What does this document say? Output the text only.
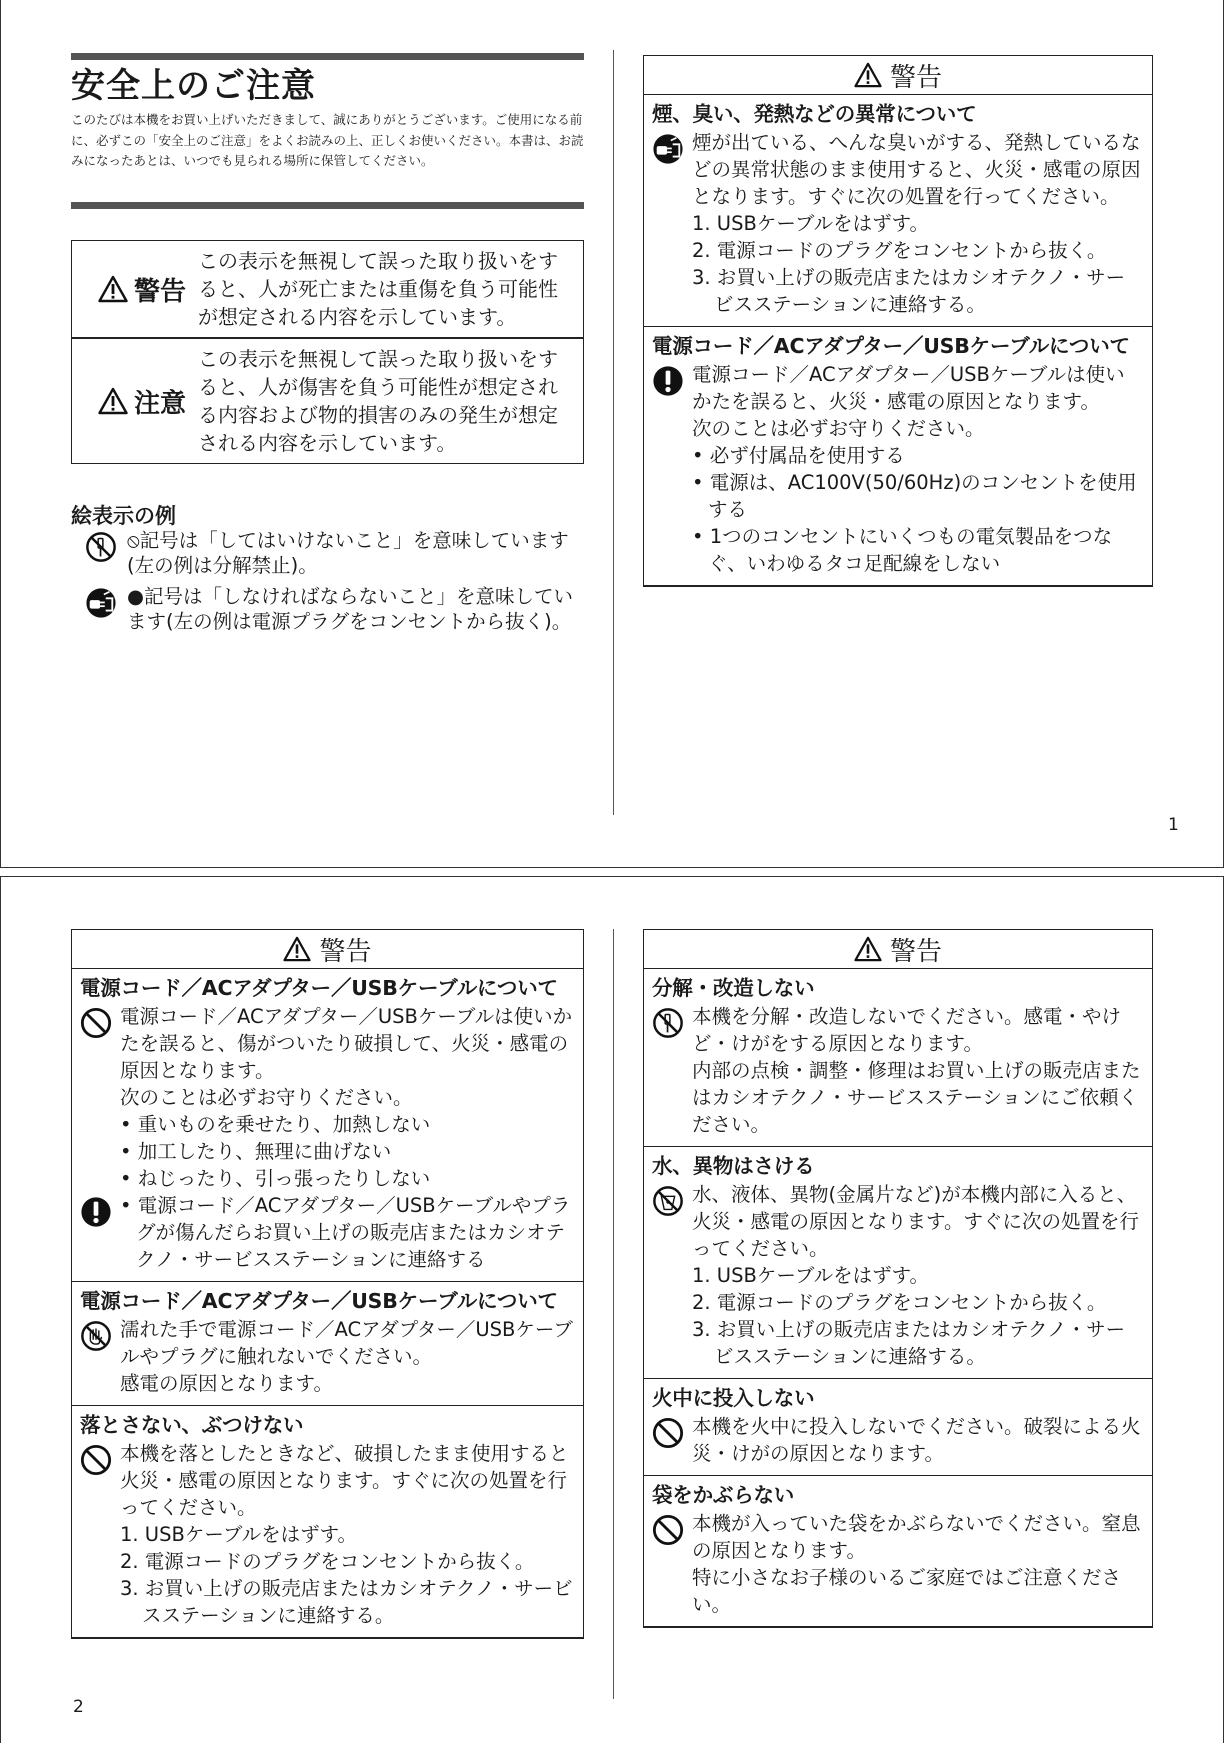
安全上のご注意
このたびは本機をお買い上げいただきまして、誠にありがとうございます。ご使用になる前に、必ずこの「安全上のご注意」をよくお読みの上、正しくお使いください。本書は、お読みになったあとは、いつでも見られる場所に保管してください。
警告
この表示を無視して誤った取り扱いをすると、人が死亡または重傷を負う可能性が想定される内容を示しています。
注意
この表示を無視して誤った取り扱いをすると、人が傷害を負う可能性が想定される内容および物的損害のみの発生が想定される内容を示しています。
絵表示の例
⦸記号は「してはいけないこと」を意味しています(左の例は分解禁止)。
●記号は「しなければならないこと」を意味しています(左の例は電源プラグをコンセントから抜く)。
警告
煙、臭い、発熱などの異常について
煙が出ている、へんな臭いがする、発熱しているなどの異常状態のまま使用すると、火災・感電の原因となります。すぐに次の処置を行ってください。
1. USBケーブルをはずす。
2. 電源コードのプラグをコンセントから抜く。
3. お買い上げの販売店またはカシオテクノ・サービスステーションに連絡する。
電源コード／ACアダプター／USBケーブルについて
電源コード／ACアダプター／USBケーブルは使いかたを誤ると、火災・感電の原因となります。
次のことは必ずお守りください。
• 必ず付属品を使用する
• 電源は、AC100V(50/60Hz)のコンセントを使用する
• 1つのコンセントにいくつもの電気製品をつなぐ、いわゆるタコ足配線をしない
1
警告
電源コード／ACアダプター／USBケーブルについて
電源コード／ACアダプター／USBケーブルは使いかたを誤ると、傷がついたり破損して、火災・感電の原因となります。
次のことは必ずお守りください。
• 重いものを乗せたり、加熱しない
• 加工したり、無理に曲げない
• ねじったり、引っ張ったりしない
• 電源コード／ACアダプター／USBケーブルやプラグが傷んだらお買い上げの販売店またはカシオテクノ・サービスステーションに連絡する
電源コード／ACアダプター／USBケーブルについて
濡れた手で電源コード／ACアダプター／USBケーブルやプラグに触れないでください。
感電の原因となります。
落とさない、ぶつけない
本機を落としたときなど、破損したまま使用すると火災・感電の原因となります。すぐに次の処置を行ってください。
1. USBケーブルをはずす。
2. 電源コードのプラグをコンセントから抜く。
3. お買い上げの販売店またはカシオテクノ・サービスステーションに連絡する。
警告
分解・改造しない
本機を分解・改造しないでください。感電・やけど・けがをする原因となります。
内部の点検・調整・修理はお買い上げの販売店またはカシオテクノ・サービスステーションにご依頼ください。
水、異物はさける
水、液体、異物(金属片など)が本機内部に入ると、火災・感電の原因となります。すぐに次の処置を行ってください。
1. USBケーブルをはずす。
2. 電源コードのプラグをコンセントから抜く。
3. お買い上げの販売店またはカシオテクノ・サービスステーションに連絡する。
火中に投入しない
本機を火中に投入しないでください。破裂による火災・けがの原因となります。
袋をかぶらない
本機が入っていた袋をかぶらないでください。窒息の原因となります。
特に小さなお子様のいるご家庭ではご注意ください。
2
